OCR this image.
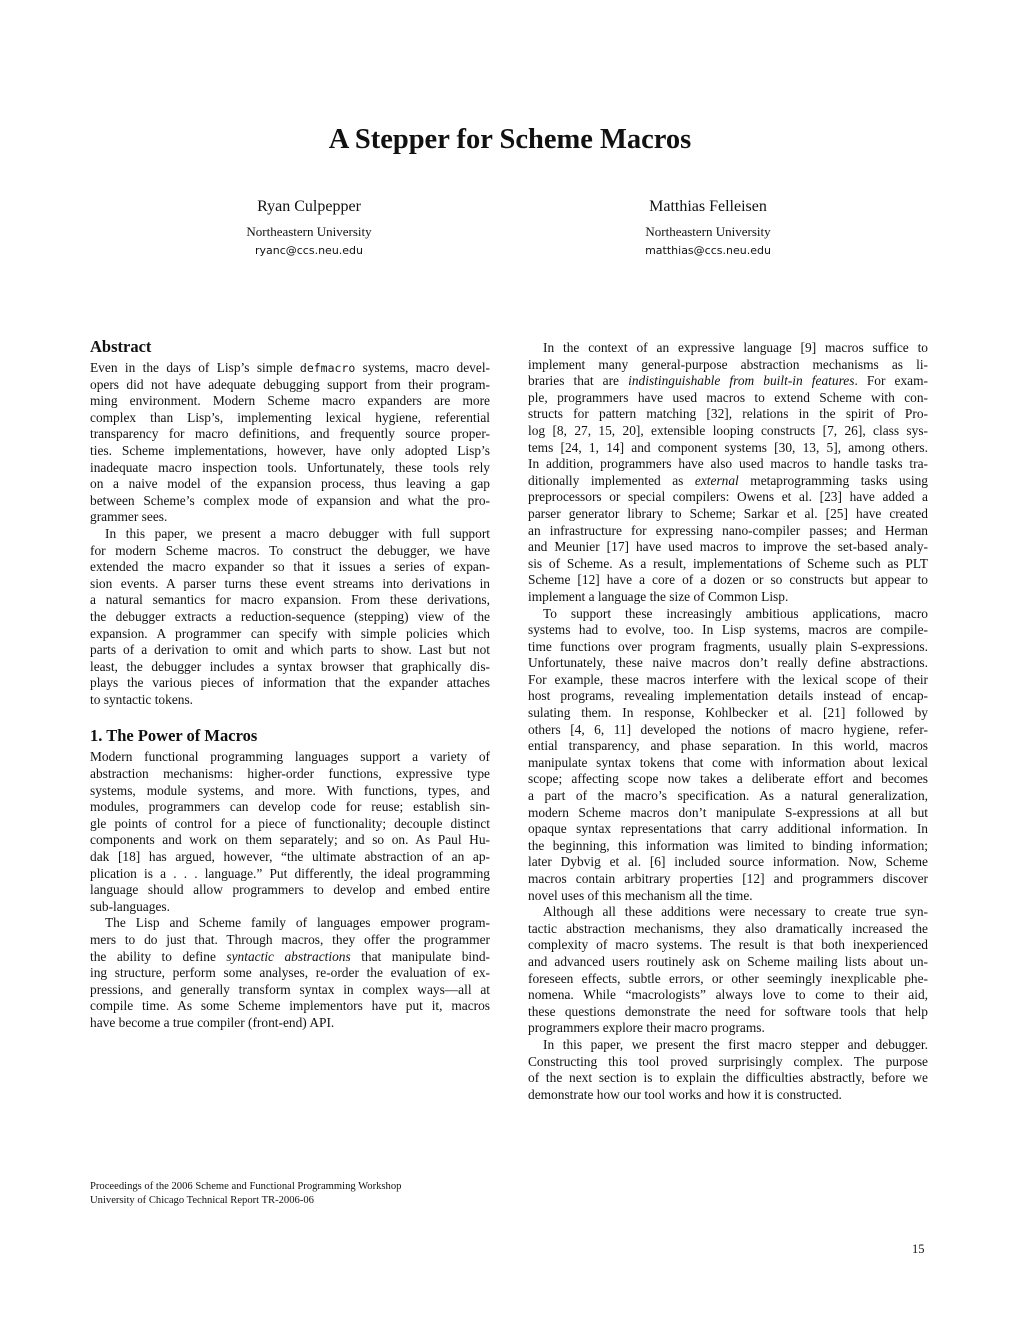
A Stepper for Scheme Macros
Ryan Culpepper
Northeastern University
ryanc@ccs.neu.edu
Matthias Felleisen
Northeastern University
matthias@ccs.neu.edu
Abstract
Even in the days of Lisp’s simple defmacro systems, macro devel-
opers did not have adequate debugging support from their program-
ming environment. Modern Scheme macro expanders are more
complex than Lisp’s, implementing lexical hygiene, referential
transparency for macro definitions, and frequently source proper-
ties. Scheme implementations, however, have only adopted Lisp’s
inadequate macro inspection tools. Unfortunately, these tools rely
on a naive model of the expansion process, thus leaving a gap
between Scheme’s complex mode of expansion and what the pro-
grammer sees.
In this paper, we present a macro debugger with full support
for modern Scheme macros. To construct the debugger, we have
extended the macro expander so that it issues a series of expan-
sion events. A parser turns these event streams into derivations in
a natural semantics for macro expansion. From these derivations,
the debugger extracts a reduction-sequence (stepping) view of the
expansion. A programmer can specify with simple policies which
parts of a derivation to omit and which parts to show. Last but not
least, the debugger includes a syntax browser that graphically dis-
plays the various pieces of information that the expander attaches
to syntactic tokens.
1. The Power of Macros
Modern functional programming languages support a variety of
abstraction mechanisms: higher-order functions, expressive type
systems, module systems, and more. With functions, types, and
modules, programmers can develop code for reuse; establish sin-
gle points of control for a piece of functionality; decouple distinct
components and work on them separately; and so on. As Paul Hu-
dak [18] has argued, however, “the ultimate abstraction of an ap-
plication is a . . . language.” Put differently, the ideal programming
language should allow programmers to develop and embed entire
sub-languages.
The Lisp and Scheme family of languages empower program-
mers to do just that. Through macros, they offer the programmer
the ability to define syntactic abstractions that manipulate bind-
ing structure, perform some analyses, re-order the evaluation of ex-
pressions, and generally transform syntax in complex ways—all at
compile time. As some Scheme implementors have put it, macros
have become a true compiler (front-end) API.
In the context of an expressive language [9] macros suffice to
implement many general-purpose abstraction mechanisms as li-
braries that are indistinguishable from built-in features. For exam-
ple, programmers have used macros to extend Scheme with con-
structs for pattern matching [32], relations in the spirit of Pro-
log [8, 27, 15, 20], extensible looping constructs [7, 26], class sys-
tems [24, 1, 14] and component systems [30, 13, 5], among others.
In addition, programmers have also used macros to handle tasks tra-
ditionally implemented as external metaprogramming tasks using
preprocessors or special compilers: Owens et al. [23] have added a
parser generator library to Scheme; Sarkar et al. [25] have created
an infrastructure for expressing nano-compiler passes; and Herman
and Meunier [17] have used macros to improve the set-based analy-
sis of Scheme. As a result, implementations of Scheme such as PLT
Scheme [12] have a core of a dozen or so constructs but appear to
implement a language the size of Common Lisp.
To support these increasingly ambitious applications, macro
systems had to evolve, too. In Lisp systems, macros are compile-
time functions over program fragments, usually plain S-expressions.
Unfortunately, these naive macros don’t really define abstractions.
For example, these macros interfere with the lexical scope of their
host programs, revealing implementation details instead of encap-
sulating them. In response, Kohlbecker et al. [21] followed by
others [4, 6, 11] developed the notions of macro hygiene, refer-
ential transparency, and phase separation. In this world, macros
manipulate syntax tokens that come with information about lexical
scope; affecting scope now takes a deliberate effort and becomes
a part of the macro’s specification. As a natural generalization,
modern Scheme macros don’t manipulate S-expressions at all but
opaque syntax representations that carry additional information. In
the beginning, this information was limited to binding information;
later Dybvig et al. [6] included source information. Now, Scheme
macros contain arbitrary properties [12] and programmers discover
novel uses of this mechanism all the time.
Although all these additions were necessary to create true syn-
tactic abstraction mechanisms, they also dramatically increased the
complexity of macro systems. The result is that both inexperienced
and advanced users routinely ask on Scheme mailing lists about un-
foreseen effects, subtle errors, or other seemingly inexplicable phe-
nomena. While “macrologists” always love to come to their aid,
these questions demonstrate the need for software tools that help
programmers explore their macro programs.
In this paper, we present the first macro stepper and debugger.
Constructing this tool proved surprisingly complex. The purpose
of the next section is to explain the difficulties abstractly, before we
demonstrate how our tool works and how it is constructed.
Proceedings of the 2006 Scheme and Functional Programming Workshop
University of Chicago Technical Report TR-2006-06
15
